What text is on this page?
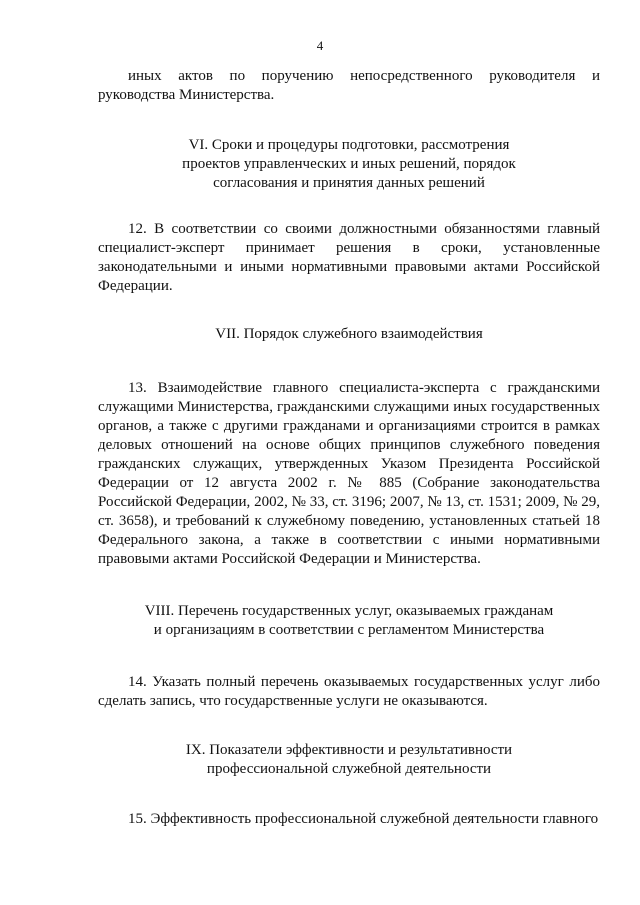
4

иных актов по поручению непосредственного руководителя и руководства Министерства.

VI. Сроки и процедуры подготовки, рассмотрения
проектов управленческих и иных решений, порядок
согласования и принятия данных решений

12. В соответствии со своими должностными обязанностями главный специалист-эксперт принимает решения в сроки, установленные законодательными и иными нормативными правовыми актами Российской Федерации.

VII. Порядок служебного взаимодействия

13. Взаимодействие главного специалиста-эксперта с гражданскими служащими Министерства, гражданскими служащими иных государственных органов, а также с другими гражданами и организациями строится в рамках деловых отношений на основе общих принципов служебного поведения гражданских служащих, утвержденных Указом Президента Российской Федерации от 12 августа 2002 г. № 885 (Собрание законодательства Российской Федерации, 2002, № 33, ст. 3196; 2007, № 13, ст. 1531; 2009, № 29, ст. 3658), и требований к служебному поведению, установленных статьей 18 Федерального закона, а также в соответствии с иными нормативными правовыми актами Российской Федерации и Министерства.

VIII. Перечень государственных услуг, оказываемых гражданам
и организациям в соответствии с регламентом Министерства

14. Указать полный перечень оказываемых государственных услуг либо сделать запись, что государственные услуги не оказываются.

IX. Показатели эффективности и результативности
профессиональной служебной деятельности

15. Эффективность профессиональной служебной деятельности главного
